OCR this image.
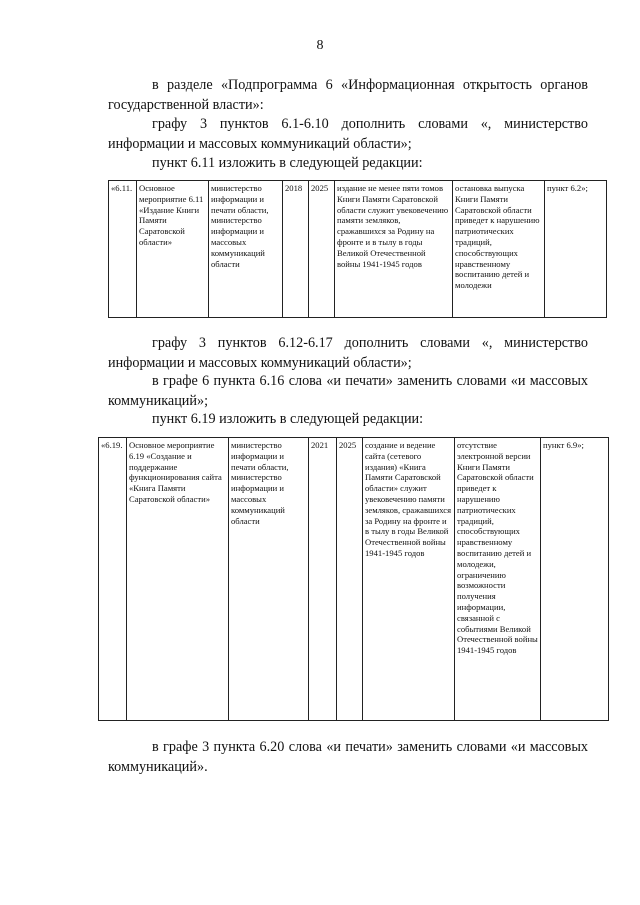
8
в разделе «Подпрограмма 6 «Информационная открытость органов государственной власти»:
графу 3 пунктов 6.1-6.10 дополнить словами «, министерство информации и массовых коммуникаций области»;
пункт 6.11 изложить в следующей редакции:
«6.11.	Основное мероприятие 6.11 «Издание Книги Памяти Саратовской области»	министерство информации и печати области, министерство информации и массовых коммуникаций области	2018	2025	издание не менее пяти томов Книги Памяти Саратовской области служит увековечению памяти земляков, сражавшихся за Родину на фронте и в тылу в годы Великой Отечественной войны 1941-1945 годов	остановка выпуска Книги Памяти Саратовской области приведет к нарушению патриотических традиций, способствующих нравственному воспитанию детей и молодежи	пункт 6.2»;
графу 3 пунктов 6.12-6.17 дополнить словами «, министерство информации и массовых коммуникаций области»;
в графе 6 пункта 6.16 слова «и печати» заменить словами «и массовых коммуникаций»;
пункт 6.19 изложить в следующей редакции:
«6.19.	Основное мероприятие 6.19 «Создание и поддержание функционирования сайта «Книга Памяти Саратовской области»	министерство информации и печати области, министерство информации и массовых коммуникаций области	2021	2025	создание и ведение сайта (сетевого издания) «Книга Памяти Саратовской области» служит увековечению памяти земляков, сражавшихся за Родину на фронте и в тылу в годы Великой Отечественной войны 1941-1945 годов	отсутствие электронной версии Книги Памяти Саратовской области приведет к нарушению патриотических традиций, способствующих нравственному воспитанию детей и молодежи, ограничению возможности получения информации, связанной с событиями Великой Отечественной войны 1941-1945 годов	пункт 6.9»;
в графе 3 пункта 6.20 слова «и печати» заменить словами «и массовых коммуникаций».
